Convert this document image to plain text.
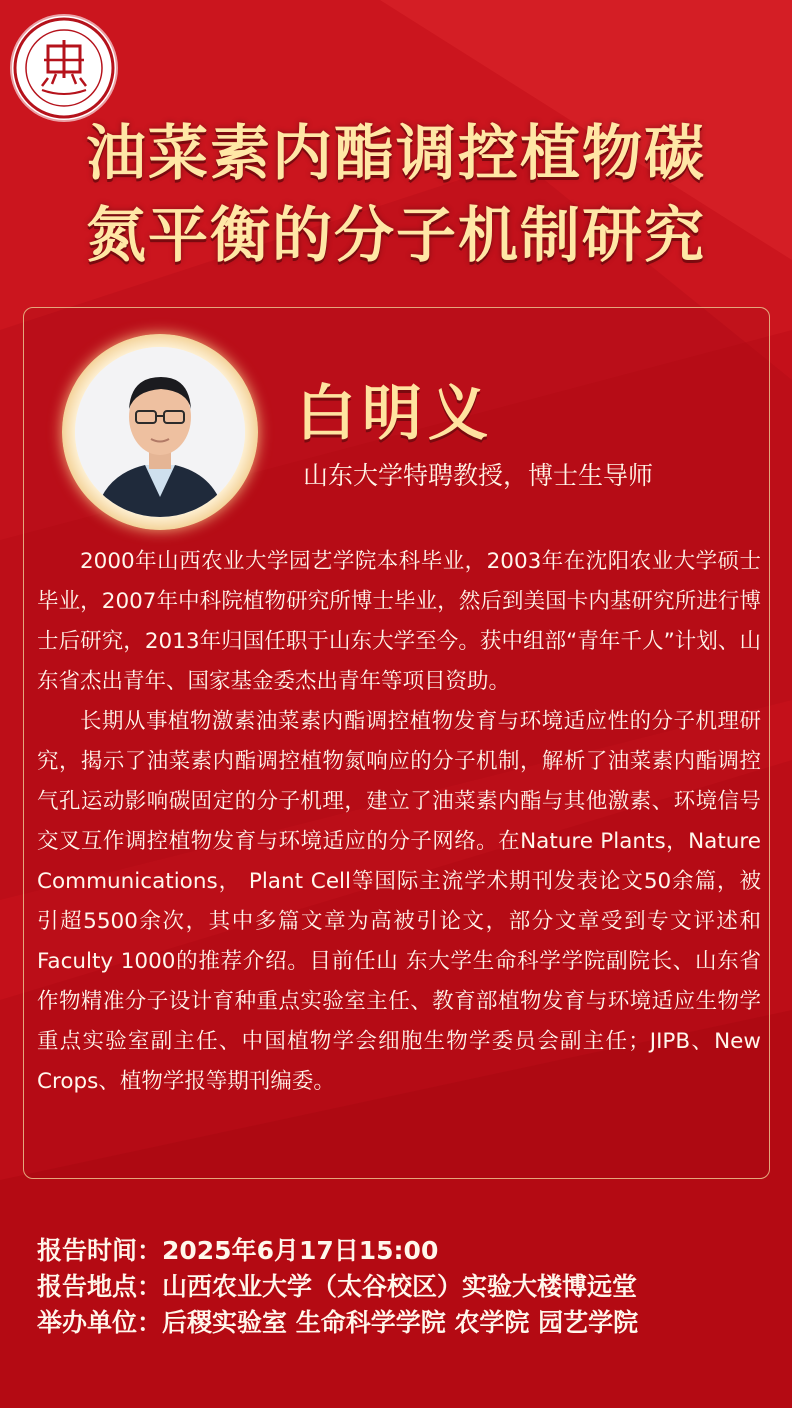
油菜素内酯调控植物碳
氮平衡的分子机制研究
白明义
山东大学特聘教授，博士生导师

2000年山西农业大学园艺学院本科毕业，2003年在沈阳农业大学硕士毕业，2007年中科院植物研究所博士毕业，然后到美国卡内基研究所进行博士后研究，2013年归国任职于山东大学至今。获中组部“青年千人”计划、山东省杰出青年、国家基金委杰出青年等项目资助。

长期从事植物激素油菜素内酯调控植物发育与环境适应性的分子机理研究，揭示了油菜素内酯调控植物氮响应的分子机制，解析了油菜素内酯调控气孔运动影响碳固定的分子机理，建立了油菜素内酯与其他激素、环境信号交叉互作调控植物发育与环境适应的分子网络。在Nature Plants，Nature Communications， Plant Cell等国际主流学术期刊发表论文50余篇，被引超5500余次，其中多篇文章为高被引论文，部分文章受到专文评述和Faculty 1000的推荐介绍。目前任山 东大学生命科学学院副院长、山东省作物精准分子设计育种重点实验室主任、教育部植物发育与环境适应生物学重点实验室副主任、中国植物学会细胞生物学委员会副主任；JIPB、New Crops、植物学报等期刊编委。

报告时间：2025年6月17日15:00
报告地点：山西农业大学（太谷校区）实验大楼博远堂
举办单位：后稷实验室 生命科学学院 农学院 园艺学院
